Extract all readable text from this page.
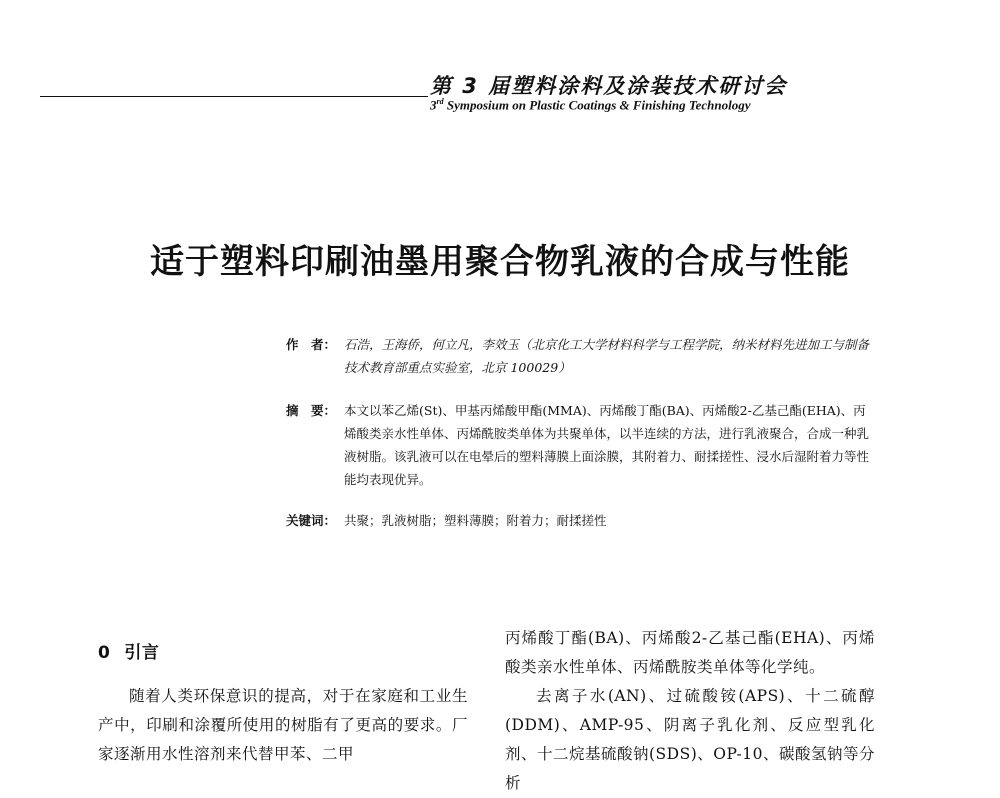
第 3 届塑料涂料及涂装技术研讨会
3rd Symposium on Plastic Coatings & Finishing Technology
适于塑料印刷油墨用聚合物乳液的合成与性能
作　者： 石浩，王海侨，何立凡，李效玉（北京化工大学材料科学与工程学院，纳米材料先进加工与制备技术教育部重点实验室，北京 100029）
摘　要： 本文以苯乙烯(St)、甲基丙烯酸甲酯(MMA)、丙烯酸丁酯(BA)、丙烯酸2-乙基己酯(EHA)、丙烯酸类亲水性单体、丙烯酰胺类单体为共聚单体，以半连续的方法，进行乳液聚合，合成一种乳液树脂。该乳液可以在电晕后的塑料薄膜上面涂膜，其附着力、耐揉搓性、浸水后湿附着力等性能均表现优异。
关键词： 共聚；乳液树脂；塑料薄膜；附着力；耐揉搓性
0 引言

随着人类环保意识的提高，对于在家庭和工业生产中，印刷和涂覆所使用的树脂有了更高的要求。厂家逐渐用水性溶剂来代替甲苯、二甲

丙烯酸丁酯(BA)、丙烯酸2-乙基己酯(EHA)、丙烯酸类亲水性单体、丙烯酰胺类单体等化学纯。

去离子水(AN)、过硫酸铵(APS)、十二硫醇(DDM)、AMP-95、阴离子乳化剂、反应型乳化剂、十二烷基硫酸钠(SDS)、OP-10、碳酸氢钠等分析
